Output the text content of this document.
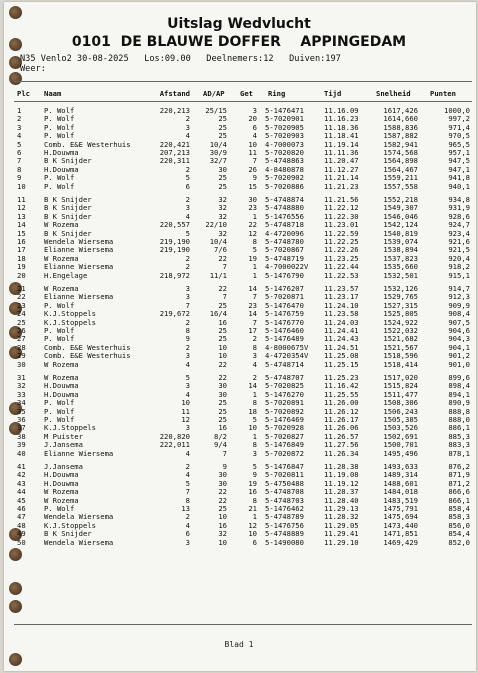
Uitslag Wedvlucht
0101 DE BLAUWE DOFFER APPINGEDAM
N35 Venlo2 30-08-2025 Los:09.00 Deelnemers:12 Duiven:197
Weer:
Plc Naam	Afstand AD/AP Get Ring	Tijd	Snelheid	Punten
1	P. Wolf	220,213	25/15	3 5-1476471	11.16.09	1617,426	1000,0
2	P. Wolf	2	25	20 5-7020901	11.16.23	1614,660	997,2
3	P. Wolf	3	25	6 5-7020905	11.18.36	1588,836	971,4
4	P. Wolf	4	25	4 5-7020903	11.18.41	1587,882	970,5
5	Comb. E&E Westerhuis	220,421	10/4	10 4-7000073	11.19.14	1582,941	965,5
6	H.Douwma	207,213	30/9	11 5-7020820	11.11.36	1574,568	957,1
7	B K Snijder	220,311	32/7	7 5-4748863	11.20.47	1564,898	947,5
8	H.Douwma	2	30	26 4-8480878	11.12.27	1564,467	947,1
9	P. Wolf	5	25	9 5-7020902	11.21.14	1559,211	941,8
10	P. Wolf	6	25	15 5-7020886	11.21.23	1557,558	940,1
11	B K Snijder	2	32	30 5-4748874	11.21.56	1552,218	934,8
12	B K Snijder	3	32	23 5-4748880	11.22.12	1549,307	931,9
13	B K Snijder	4	32	1 5-1476556	11.22.30	1546,046	928,6
14	W Rozema	220,557	22/10	22 5-4748718	11.23.01	1542,124	924,7
15	B K Snijder	5	32	12 4-4720096	11.22.59	1540,819	923,4
16	Wendela Wiersema	219,190	10/4	8 5-4748780	11.22.25	1539,074	921,6
17	Elianne Wiersema	219,190	7/6	5 5-7020867	11.22.26	1538,894	921,5
18	W Rozema	2	22	19 5-4748719	11.23.25	1537,823	920,4
19	Elianne Wiersema	2	7	1 4-7000022V	11.22.44	1535,660	918,2
20	H.Engelage	218,972	11/1	1 5-1476790	11.22.53	1532,501	915,1
21	W Rozema	3	22	14 5-1476207	11.23.57	1532,126	914,7
22	Elianne Wiersema	3	7	7 5-7020871	11.23.17	1529,765	912,3
23	P. Wolf	7	25	23 5-1476470	11.24.10	1527,315	909,9
24	K.J.Stoppels	219,672	16/4	14 5-1476759	11.23.58	1525,805	908,4
25	K.J.Stoppels	2	16	7 5-1476770	11.24.03	1524,922	907,5
26	P. Wolf	8	25	17 5-1476460	11.24.41	1522,032	904,6
27	P. Wolf	9	25	2 5-1476489	11.24.43	1521,682	904,3
28	Comb. E&E Westerhuis	2	10	8 4-8000675V	11.24.51	1521,567	904,1
29	Comb. E&E Westerhuis	3	10	3 4-4720354V	11.25.08	1518,596	901,2
30	W Rozema	4	22	4 5-4748714	11.25.15	1518,414	901,0
31	W Rozema	5	22	2 5-4748707	11.25.23	1517,020	899,6
32	H.Douwma	3	30	14 5-7020825	11.16.42	1515,824	898,4
33	H.Douwma	4	30	1 5-1476270	11.25.55	1511,477	894,1
34	P. Wolf	10	25	8 5-7020891	11.26.00	1508,306	890,9
35	P. Wolf	11	25	18 5-7020892	11.26.12	1506,243	888,8
36	P. Wolf	12	25	5 5-1476469	11.26.17	1505,385	888,0
37	K.J.Stoppels	3	16	10 5-7020928	11.26.06	1503,526	886,1
38	M Puister	220,820	8/2	1 5-7020827	11.26.57	1502,691	885,3
39	J.Jansema	222,011	9/4	8 5-1476849	11.27.56	1500,701	883,3
40	Elianne Wiersema	4	7	3 5-7020872	11.26.34	1495,496	878,1
41	J.Jansema	2	9	5 5-1476847	11.28.38	1493,633	876,2
42	H.Douwma	4	30	9 5-7020811	11.19.08	1489,314	871,9
43	H.Douwma	5	30	19 5-4750488	11.19.12	1488,601	871,2
44	W Rozema	7	22	16 5-4748708	11.28.37	1484,018	866,6
45	W Rozema	8	22	8 5-4748703	11.28.40	1483,519	866,1
46	P. Wolf	13	25	21 5-1476462	11.29.13	1475,791	858,4
47	Wendela Wiersema	2	10	1 5-4748789	11.28.32	1475,694	858,3
48	K.J.Stoppels	4	16	12 5-1476756	11.29.05	1473,440	856,0
49	B K Snijder	6	32	10 5-4748889	11.29.41	1471,851	854,4
50	Wendela Wiersema	3	10	6 5-1490080	11.29.10	1469,429	852,0
Blad 1
